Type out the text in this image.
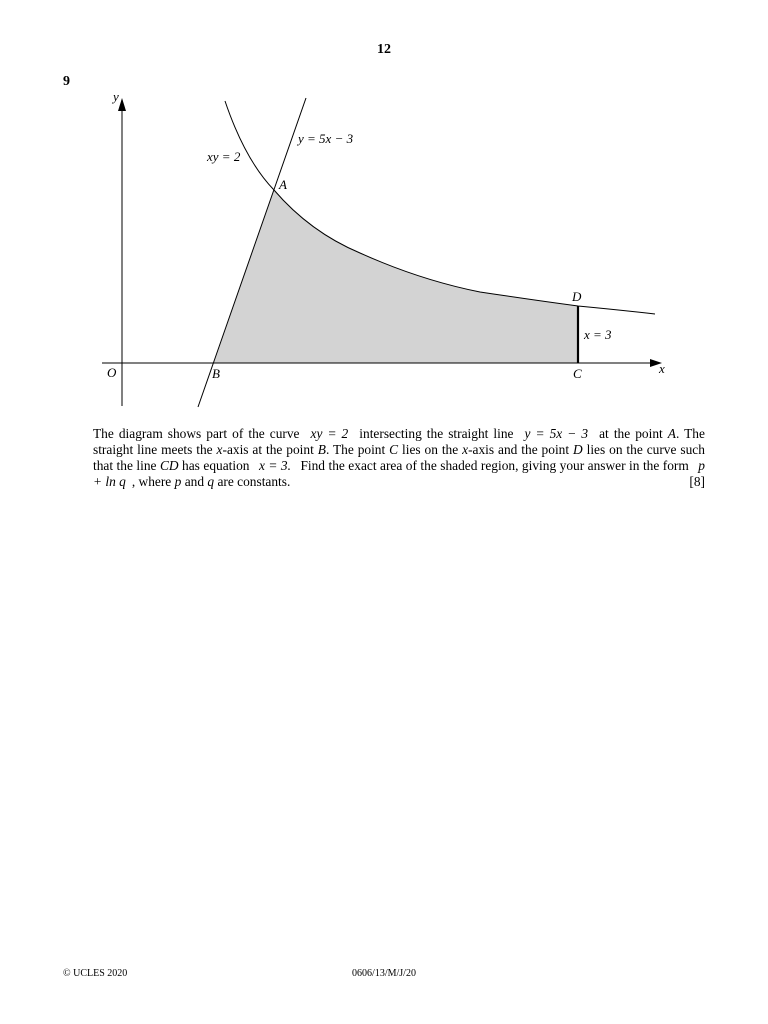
12
9
y
x
O
xy = 2
y = 5x − 3
x = 3
A
B	C
D

The diagram shows part of the curve xy = 2 intersecting the straight line y = 5x − 3 at the point A. The straight line meets the x-axis at the point B. The point C lies on the x-axis and the point D lies on the curve such that the line CD has equation x = 3. Find the exact area of the shaded region, giving your answer in the form p + ln q , where p and q are constants.	[8]

© UCLES 2020	0606/13/M/J/20
